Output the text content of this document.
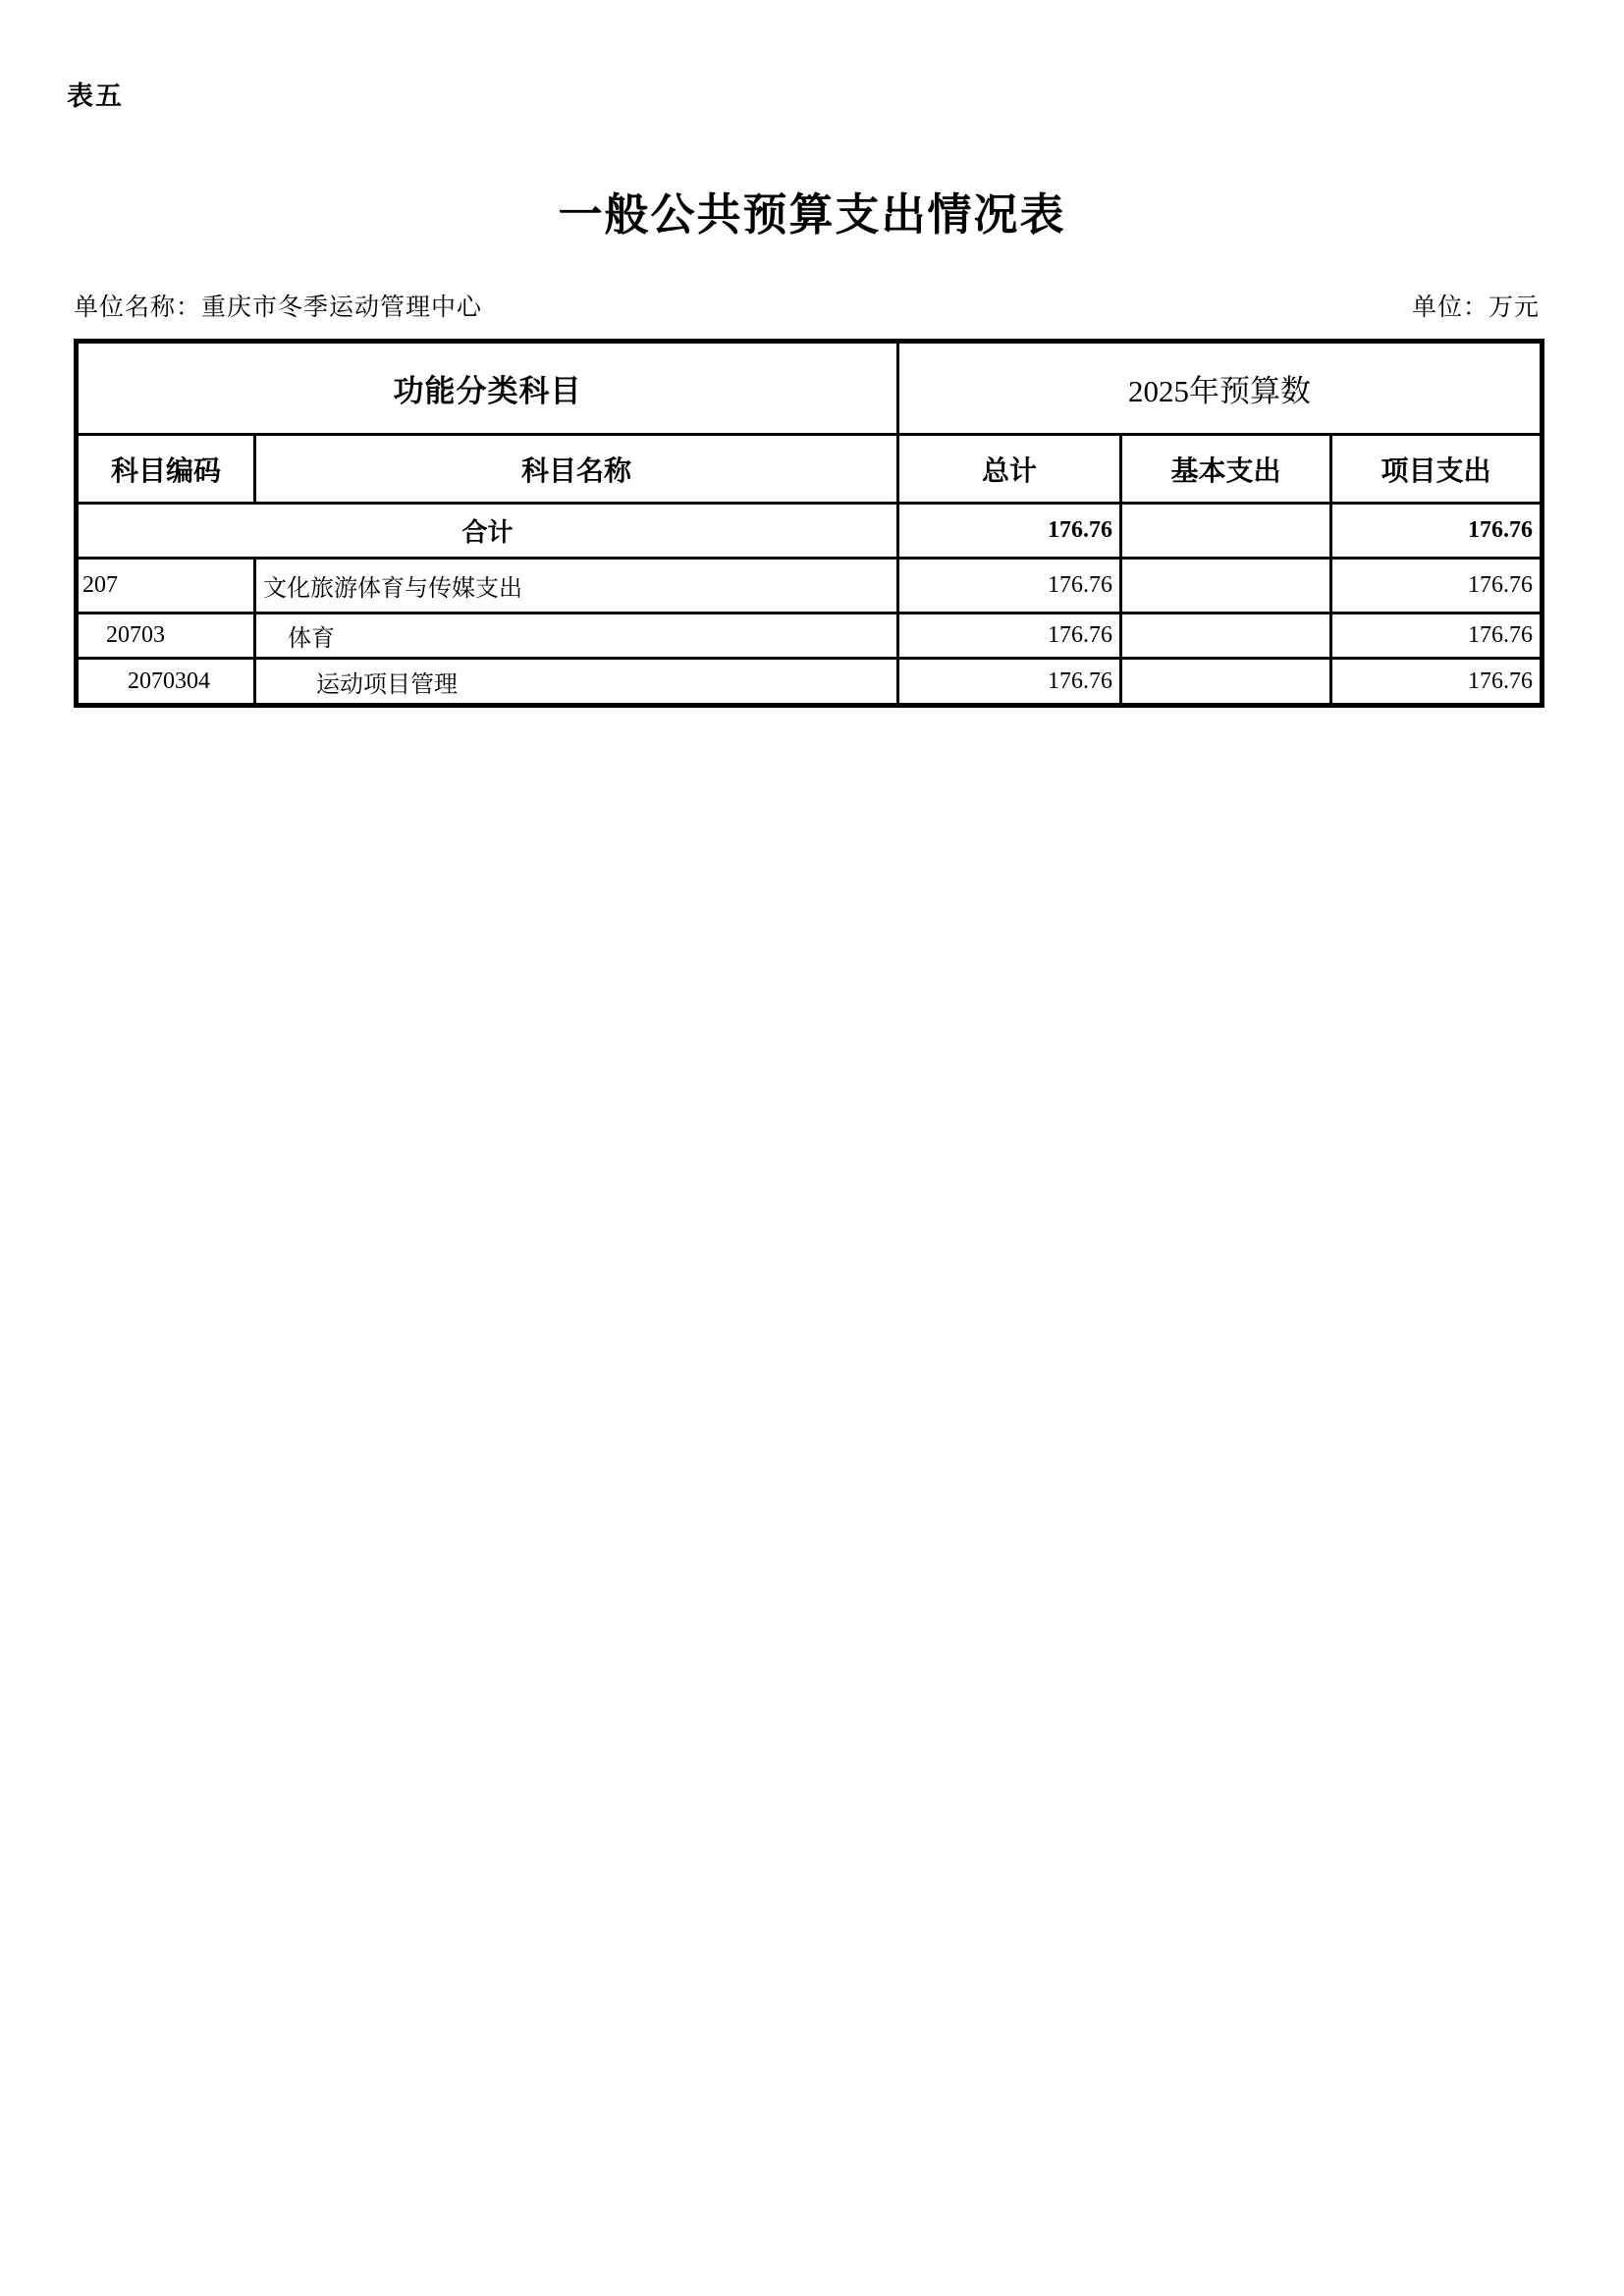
表五
一般公共预算支出情况表
单位名称：重庆市冬季运动管理中心	单位：万元
功能分类科目		2025年预算数		
科目编码	科目名称	总计	基本支出	项目支出
合计		176.76		176.76
207	文化旅游体育与传媒支出	176.76		176.76
20703	体育	176.76		176.76
2070304	运动项目管理	176.76		176.76
